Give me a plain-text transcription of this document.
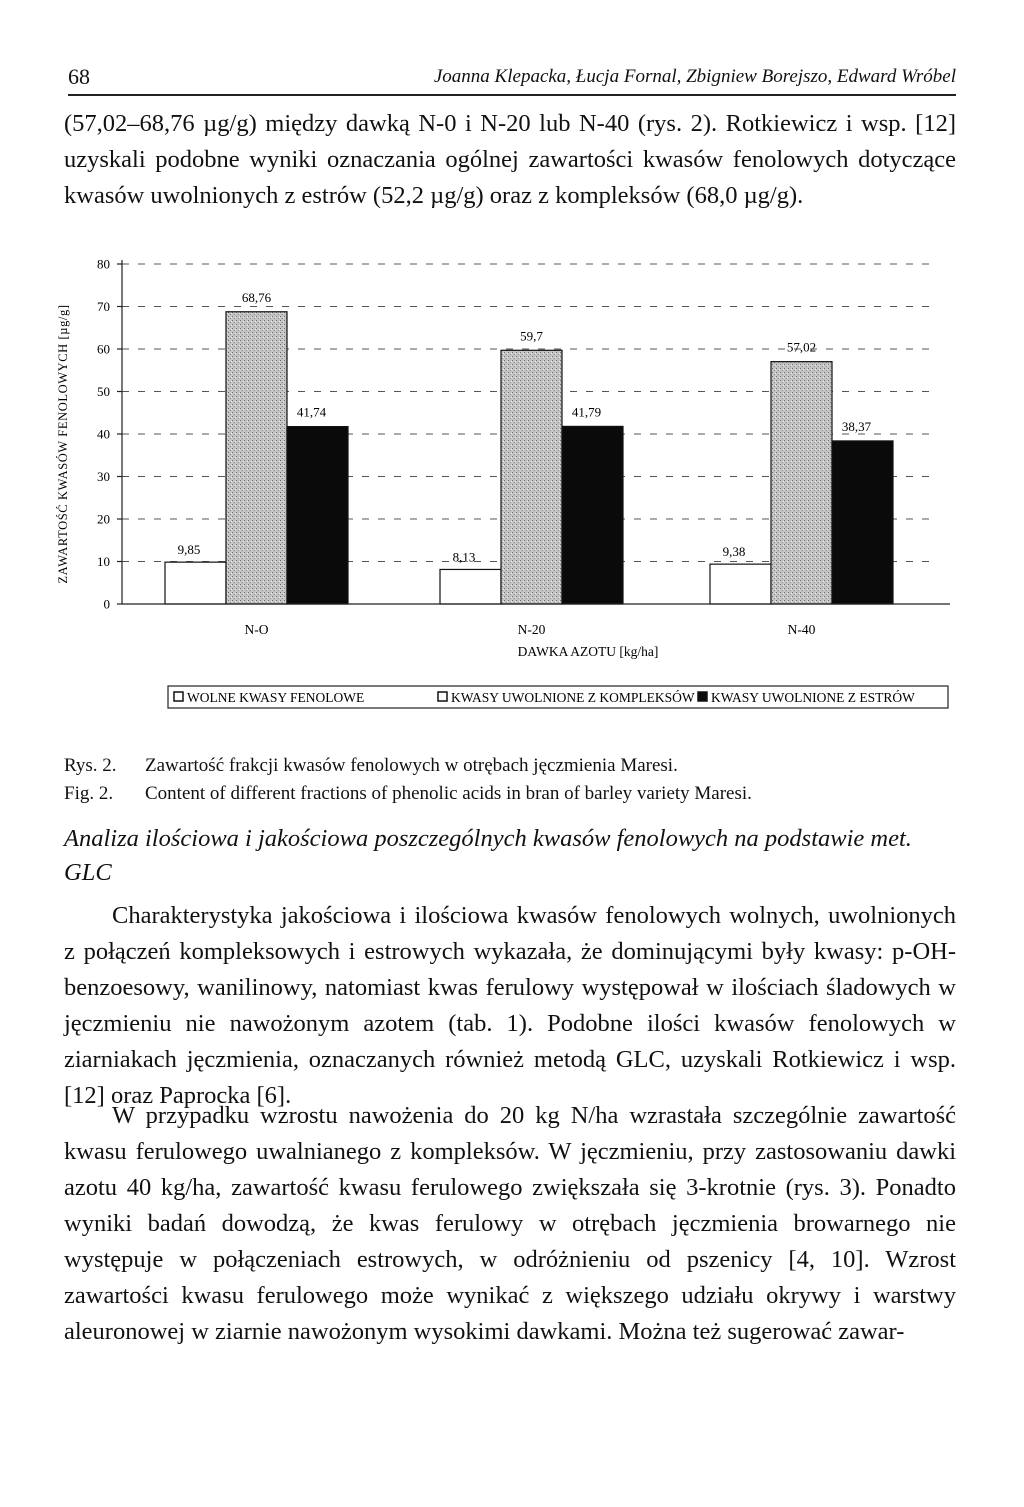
68	Joanna Klepacka, Łucja Fornal, Zbigniew Borejszo, Edward Wróbel

(57,02–68,76 µg/g) między dawką N-0 i N-20 lub N-40 (rys. 2). Rotkiewicz i wsp. [12] uzyskali podobne wyniki oznaczania ogólnej zawartości kwasów fenolowych dotyczące kwasów uwolnionych z estrów (52,2 µg/g) oraz z kompleksów (68,0 µg/g).

0
10
20
30
40
50
60
70
80
9,85
68,76
41,74
8,13
59,7
41,79
9,38
57,02
38,37
N-O	N-20	N-40
ZAWARTOŚĆ KWASÓW FENOLOWYCH [µg/g]
DAWKA AZOTU [kg/ha]
WOLNE KWASY FENOLOWE	KWASY UWOLNIONE Z KOMPLEKSÓW KWASY UWOLNIONE Z ESTRÓW
Rys. 2. Zawartość frakcji kwasów fenolowych w otrębach jęczmienia Maresi.
Fig. 2. Content of different fractions of phenolic acids in bran of barley variety Maresi.

Analiza ilościowa i jakościowa poszczególnych kwasów fenolowych na podstawie met. GLC

Charakterystyka jakościowa i ilościowa kwasów fenolowych wolnych, uwolnionych z połączeń kompleksowych i estrowych wykazała, że dominującymi były kwasy: p-OH-benzoesowy, wanilinowy, natomiast kwas ferulowy występował w ilościach śladowych w jęczmieniu nie nawożonym azotem (tab. 1). Podobne ilości kwasów fenolowych w ziarniakach jęczmienia, oznaczanych również metodą GLC, uzyskali Rotkiewicz i wsp. [12] oraz Paprocka [6].

W przypadku wzrostu nawożenia do 20 kg N/ha wzrastała szczególnie zawartość kwasu ferulowego uwalnianego z kompleksów. W jęczmieniu, przy zastosowaniu dawki azotu 40 kg/ha, zawartość kwasu ferulowego zwiększała się 3-krotnie (rys. 3). Ponadto wyniki badań dowodzą, że kwas ferulowy w otrębach jęczmienia browarnego nie występuje w połączeniach estrowych, w odróżnieniu od pszenicy [4, 10]. Wzrost zawartości kwasu ferulowego może wynikać z większego udziału okrywy i warstwy aleuronowej w ziarnie nawożonym wysokimi dawkami. Można też sugerować zawar-
